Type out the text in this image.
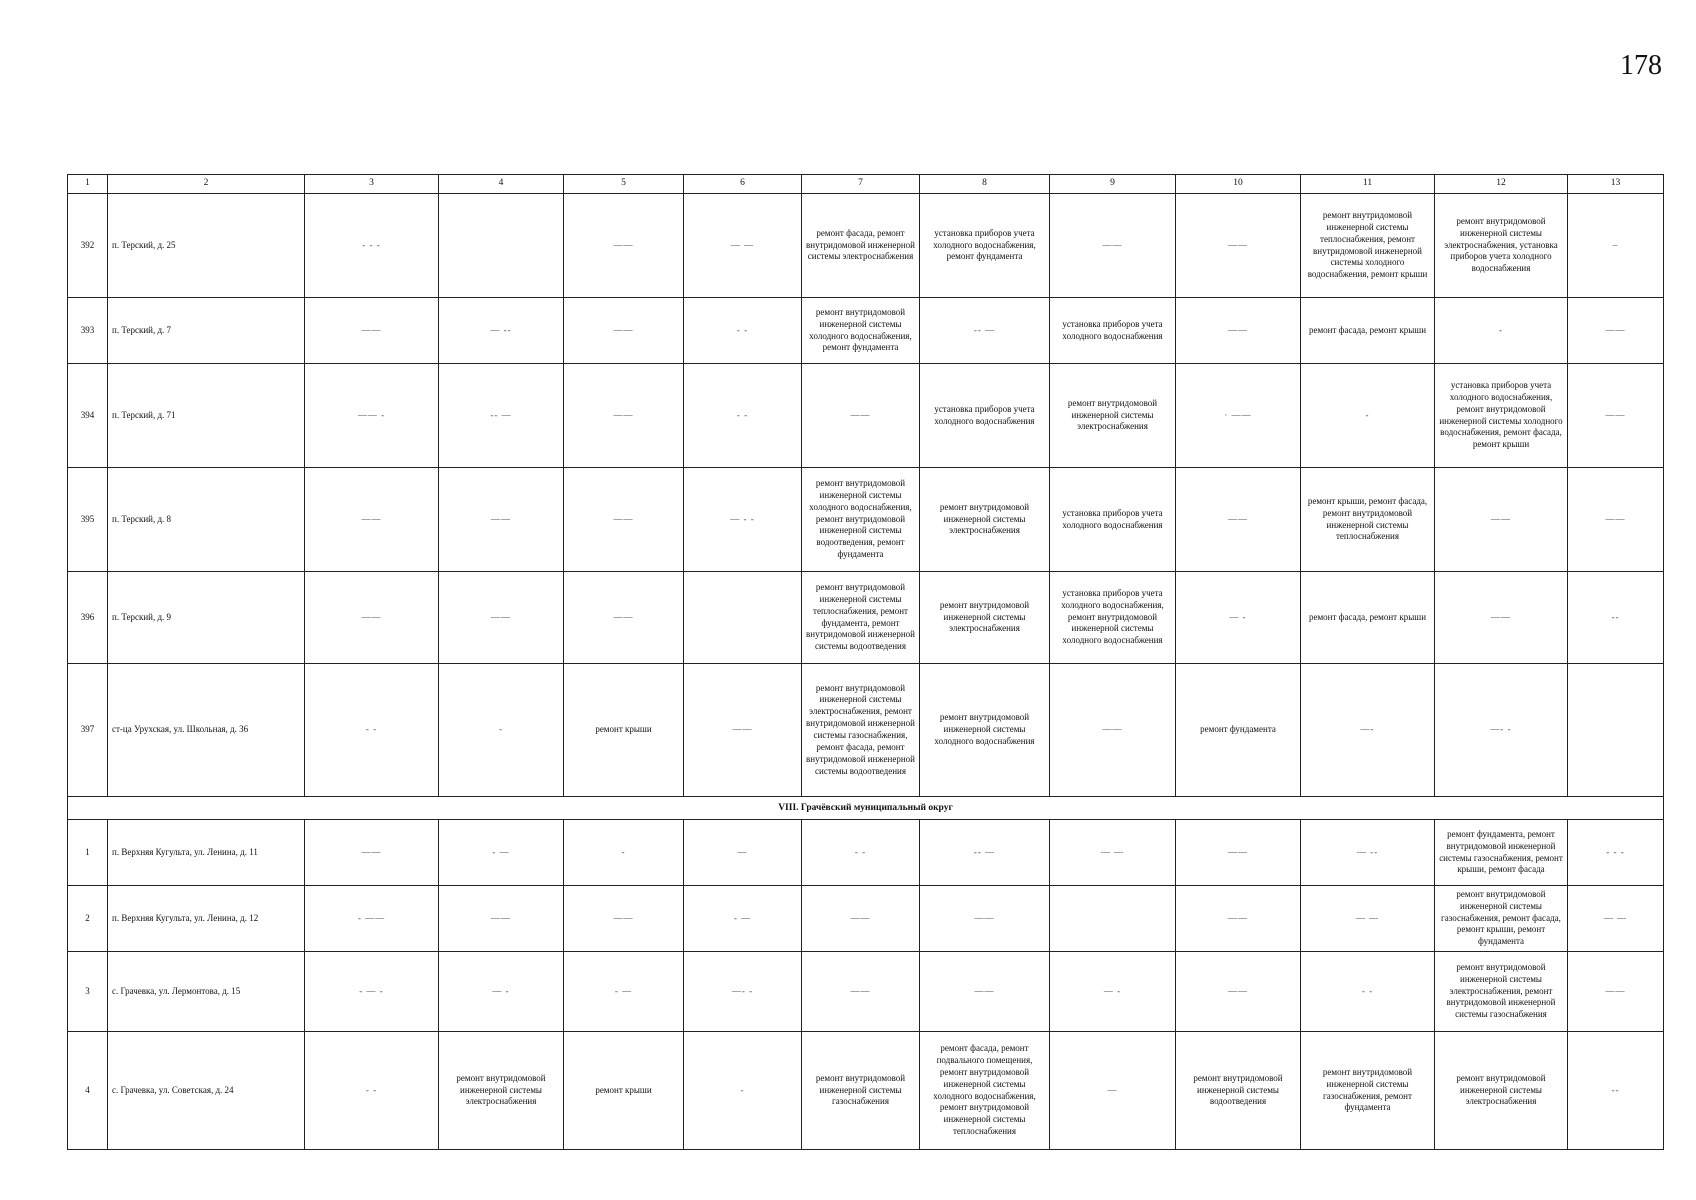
178
1	2	3	4	5	6	7	8	9	10	11	12	13
392	п. Терский, д. 25	- - -		——	— —	ремонт фасада, ремонт внутридомовой инженерной системы электроснабжения	установка приборов учета холодного водоснабжения, ремонт фундамента	——	——	ремонт внутридомовой инженерной системы теплоснабжения, ремонт внутридомовой инженерной системы холодного водоснабжения, ремонт крыши	ремонт внутридомовой инженерной системы электроснабжения, установка приборов учета холодного водоснабжения	–
393	п. Терский, д. 7	——	— --	——	- -	ремонт внутридомовой инженерной системы холодного водоснабжения, ремонт фундамента	-- —	установка приборов учета холодного водоснабжения	——	ремонт фасада, ремонт крыши	-	——
394	п. Терский, д. 71	—— -	-- —	——	- -	——	установка приборов учета холодного водоснабжения	ремонт внутридомовой инженерной системы электроснабжения	· ——	-	установка приборов учета холодного водоснабжения, ремонт внутридомовой инженерной системы холодного водоснабжения, ремонт фасада, ремонт крыши	——
395	п. Терский, д. 8	——	——	——	— - -	ремонт внутридомовой инженерной системы холодного водоснабжения, ремонт внутридомовой инженерной системы водоотведения, ремонт фундамента	ремонт внутридомовой инженерной системы электроснабжения	установка приборов учета холодного водоснабжения	——	ремонт крыши, ремонт фасада, ремонт внутридомовой инженерной системы теплоснабжения	——	——
396	п. Терский, д. 9	——	——	——		ремонт внутридомовой инженерной системы теплоснабжения, ремонт фундамента, ремонт внутридомовой инженерной системы водоотведения	ремонт внутридомовой инженерной системы электроснабжения	установка приборов учета холодного водоснабжения, ремонт внутридомовой инженерной системы холодного водоснабжения	— -	ремонт фасада, ремонт крыши	——	--
397	ст-ца Урухская, ул. Школьная, д. 36	- -	-	ремонт крыши	——	ремонт внутридомовой инженерной системы электроснабжения, ремонт внутридомовой инженерной системы газоснабжения, ремонт фасада, ремонт внутридомовой инженерной системы водоотведения	ремонт внутридомовой инженерной системы холодного водоснабжения	——	ремонт фундамента	—-	—- -	
VIII. Грачёвский муниципальный округ												
1	п. Верхняя Кугульта, ул. Ленина, д. 11	——	- —	-	—	- -	-- —	— —	——	— --	ремонт фундамента, ремонт внутридомовой инженерной системы газоснабжения, ремонт крыши, ремонт фасада	- - -
2	п. Верхняя Кугульта, ул. Ленина, д. 12	- ——	——	——	- —	——	——		——	— —	ремонт внутридомовой инженерной системы газоснабжения, ремонт фасада, ремонт крыши, ремонт фундамента	— —
3	с. Грачевка, ул. Лермонтова, д. 15	- — -	— -	- —	—- -	——	——	— -	——	- -	ремонт внутридомовой инженерной системы электроснабжения, ремонт внутридомовой инженерной системы газоснабжения	——
4	с. Грачевка, ул. Советская, д. 24	- -	ремонт внутридомовой инженерной системы электроснабжения	ремонт крыши	-	ремонт внутридомовой инженерной системы газоснабжения	ремонт фасада, ремонт подвального помещения, ремонт внутридомовой инженерной системы холодного водоснабжения, ремонт внутридомовой инженерной системы теплоснабжения	—	ремонт внутридомовой инженерной системы водоотведения	ремонт внутридомовой инженерной системы газоснабжения, ремонт фундамента	ремонт внутридомовой инженерной системы электроснабжения	--
